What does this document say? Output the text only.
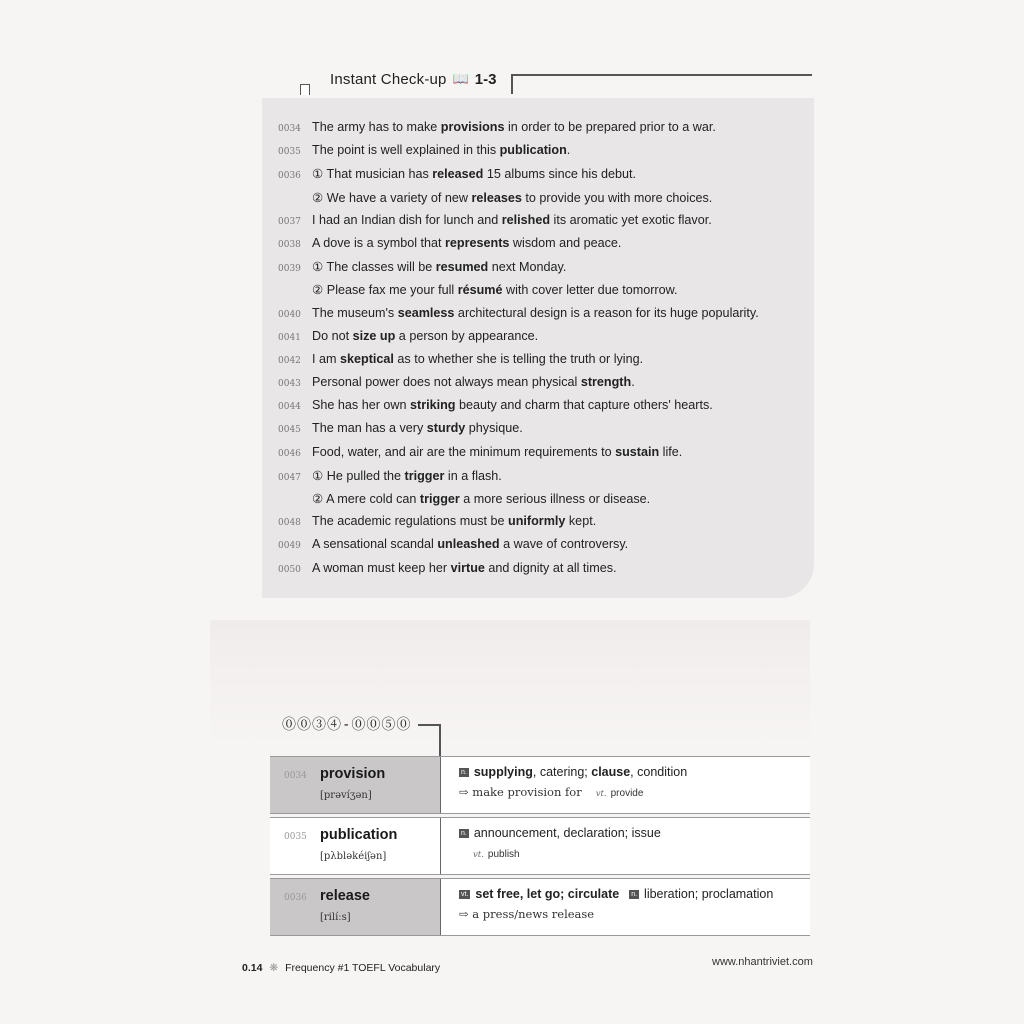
Instant Check-up 📖 1-3
0034 The army has to make provisions in order to be prepared prior to a war.
0035 The point is well explained in this publication.
0036 ① That musician has released 15 albums since his debut.
② We have a variety of new releases to provide you with more choices.
0037 I had an Indian dish for lunch and relished its aromatic yet exotic flavor.
0038 A dove is a symbol that represents wisdom and peace.
0039 ① The classes will be resumed next Monday.
② Please fax me your full résumé with cover letter due tomorrow.
0040 The museum's seamless architectural design is a reason for its huge popularity.
0041 Do not size up a person by appearance.
0042 I am skeptical as to whether she is telling the truth or lying.
0043 Personal power does not always mean physical strength.
0044 She has her own striking beauty and charm that capture others' hearts.
0045 The man has a very sturdy physique.
0046 Food, water, and air are the minimum requirements to sustain life.
0047 ① He pulled the trigger in a flash.
② A mere cold can trigger a more serious illness or disease.
0048 The academic regulations must be uniformly kept.
0049 A sensational scandal unleashed a wave of controversy.
0050 A woman must keep her virtue and dignity at all times.
⓪⓪③④-⓪⓪⑤⓪
0034 provision
[prəvíʒən]
n. supplying, catering; clause, condition
⇨ make provision for vt. provide
0035 publication
[pλbləkéiʃən]
n. announcement, declaration; issue
vt. publish
0036 release
[rilíːs]
vt. set free, let go; circulate n. liberation; proclamation
⇨ a press/news release
0.14 ❋ Frequency #1 TOEFL Vocabulary	www.nhantriviet.com
